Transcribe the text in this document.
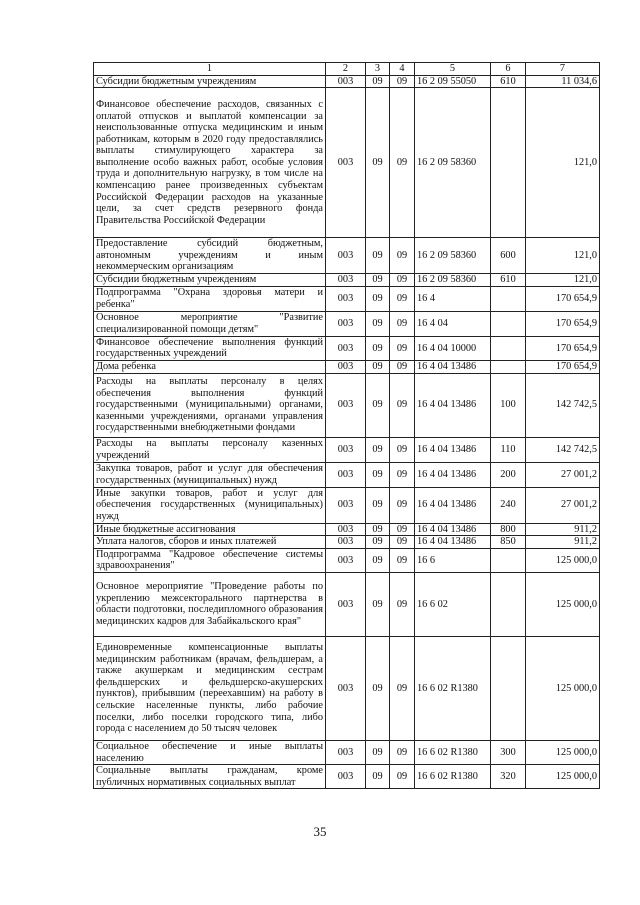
1	2	3	4	5	6	7
Субсидии бюджетным учреждениям	003	09	09	16 2 09 55050	610	11 034,6
Финансовое обеспечение расходов, связанных с оплатой отпусков и выплатой компенсации за неиспользованные отпуска медицинским и иным работникам, которым в 2020 году предоставлялись выплаты стимулирующего характера за выполнение особо важных работ, особые условия труда и дополнительную нагрузку, в том числе на компенсацию ранее произведенных субъектам Российской Федерации расходов на указанные цели, за счет средств резервного фонда Правительства Российской Федерации	003	09	09	16 2 09 58360		121,0
Предоставление субсидий бюджетным, автономным учреждениям и иным некоммерческим организациям	003	09	09	16 2 09 58360	600	121,0
Субсидии бюджетным учреждениям	003	09	09	16 2 09 58360	610	121,0
Подпрограмма "Охрана здоровья матери и ребенка"	003	09	09	16 4		170 654,9
Основное мероприятие "Развитие специализированной помощи детям"	003	09	09	16 4 04		170 654,9
Финансовое обеспечение выполнения функций государственных учреждений	003	09	09	16 4 04 10000		170 654,9
Дома ребенка	003	09	09	16 4 04 13486		170 654,9
Расходы на выплаты персоналу в целях обеспечения выполнения функций государственными (муниципальными) органами, казенными учреждениями, органами управления государственными внебюджетными фондами	003	09	09	16 4 04 13486	100	142 742,5
Расходы на выплаты персоналу казенных учреждений	003	09	09	16 4 04 13486	110	142 742,5
Закупка товаров, работ и услуг для обеспечения государственных (муниципальных) нужд	003	09	09	16 4 04 13486	200	27 001,2
Иные закупки товаров, работ и услуг для обеспечения государственных (муниципальных) нужд	003	09	09	16 4 04 13486	240	27 001,2
Иные бюджетные ассигнования	003	09	09	16 4 04 13486	800	911,2
Уплата налогов, сборов и иных платежей	003	09	09	16 4 04 13486	850	911,2
Подпрограмма "Кадровое обеспечение системы здравоохранения"	003	09	09	16 6		125 000,0
Основное мероприятие "Проведение работы по укреплению межсекторального партнерства в области подготовки, последипломного образования медицинских кадров для Забайкальского края"	003	09	09	16 6 02		125 000,0
Единовременные компенсационные выплаты медицинским работникам (врачам, фельдшерам, а также акушеркам и медицинским сестрам фельдшерских и фельдшерско-акушерских пунктов), прибывшим (переехавшим) на работу в сельские населенные пункты, либо рабочие поселки, либо поселки городского типа, либо города с населением до 50 тысяч человек	003	09	09	16 6 02 R1380		125 000,0
Социальное обеспечение и иные выплаты населению	003	09	09	16 6 02 R1380	300	125 000,0
Социальные выплаты гражданам, кроме публичных нормативных социальных выплат	003	09	09	16 6 02 R1380	320	125 000,0
35
